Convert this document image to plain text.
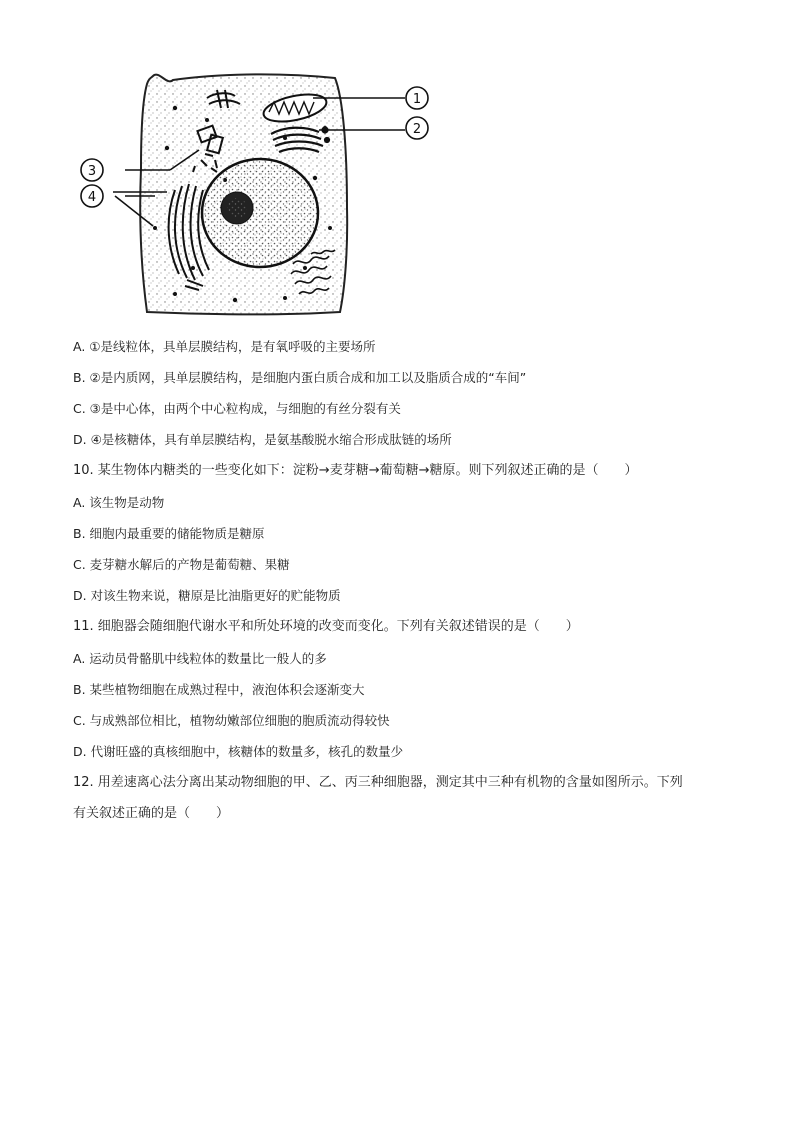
1
2
3
4
A. ①是线粒体，具单层膜结构，是有氧呼吸的主要场所
B. ②是内质网，具单层膜结构，是细胞内蛋白质合成和加工以及脂质合成的“车间”
C. ③是中心体，由两个中心粒构成，与细胞的有丝分裂有关
D. ④是核糖体，具有单层膜结构，是氨基酸脱水缩合形成肽链的场所
10. 某生物体内糖类的一些变化如下：淀粉→麦芽糖→葡萄糖→糖原。则下列叙述正确的是（　　）
A. 该生物是动物
B. 细胞内最重要的储能物质是糖原
C. 麦芽糖水解后的产物是葡萄糖、果糖
D. 对该生物来说，糖原是比油脂更好的贮能物质
11. 细胞器会随细胞代谢水平和所处环境的改变而变化。下列有关叙述错误的是（　　）
A. 运动员骨骼肌中线粒体的数量比一般人的多
B. 某些植物细胞在成熟过程中，液泡体积会逐渐变大
C. 与成熟部位相比，植物幼嫩部位细胞的胞质流动得较快
D. 代谢旺盛的真核细胞中，核糖体的数量多，核孔的数量少
12. 用差速离心法分离出某动物细胞的甲、乙、丙三种细胞器，测定其中三种有机物的含量如图所示。下列
有关叙述正确的是（　　）
